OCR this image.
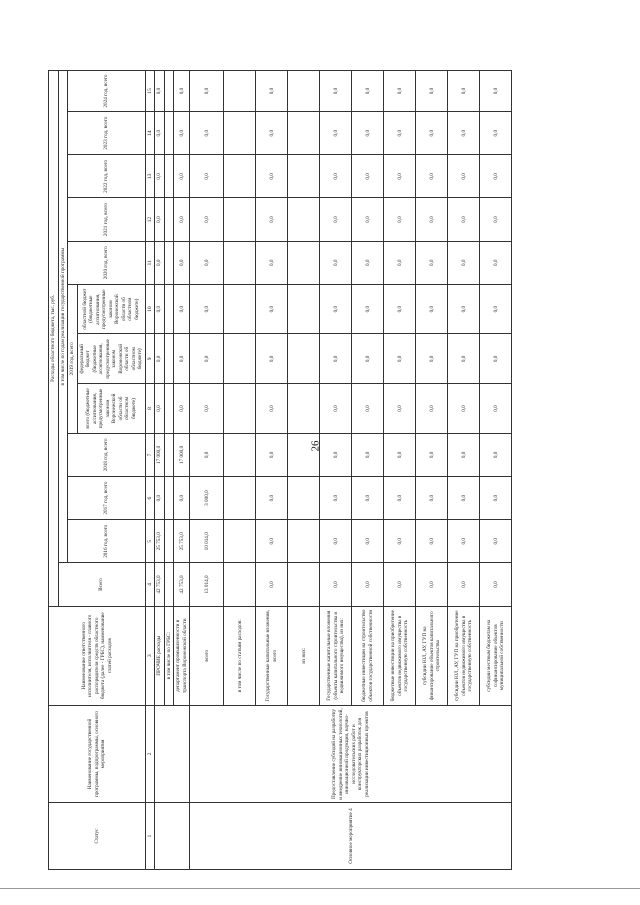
26
Статус	Наименование государственной программы, подпрограммы, основного мероприятия	Наименование ответственного исполнителя, исполнителя - главного распорядителя средств областного бюджета (далее - ГРБС), наименование статей расходов	Расходы областного бюджета, тыс. руб.											
			Всего	в том числе по годам реализации государственной программы										
				2016 год, всего	2017 год, всего	2018 год, всего	2019 год, всего			2020 год, всего	2021 год, всего	2022 год, всего	2023 год, всего	2024 год, всего
							всего (бюджетные ассигнования, предусмотренные законом Воронежской области об областном бюджете)	федеральный бюджет (бюджетные ассигнования, предусмотренные законом Воронежской области об областном бюджете)	областной бюджет (бюджетные ассигнования, предусмотренные законом Воронежской области об областном бюджете)					
1	2	3	4	5	6	7	8	9	10	11	12	13	14	15
		ПРОЧИЕ расходы	42 753,0	25 753,0	0,0	17 000,0	0,0	0,0	0,0	0,0	0,0	0,0	0,0	0,0
		в том числе по ГРБС:												
		департамент промышленности и транспорта Воронежской области	42 753,0	25 753,0	0,0	17 000,0	0,0	0,0	0,0	0,0	0,0	0,0	0,0	0,0
Основное мероприятие 4	Предоставление субсидий на разработку и внедрение инновационных технологий, инновационной продукции, научно-исследовательских работ и конструкторских разработок для реализации инвестиционных проектов	всего	13 014,0	10 014,0	3 000,0	0,0	0,0	0,0	0,0	0,0	0,0	0,0	0,0	0,0
		в том числе по статьям расходов:												
		Государственные капитальные вложения, всего	0,0	0,0	0,0	0,0	0,0	0,0	0,0	0,0	0,0	0,0	0,0	0,0
		из них:												
		Государственные капитальные вложения (объекты капитального строительства и недвижимого имущества), из них:	0,0	0,0	0,0	0,0	0,0	0,0	0,0	0,0	0,0	0,0	0,0	0,0
		бюджетные инвестиции на строительство объектов государственной собственности	0,0	0,0	0,0	0,0	0,0	0,0	0,0	0,0	0,0	0,0	0,0	0,0
		бюджетные инвестиции на приобретение объектов недвижимого имущества в государственную собственность	0,0	0,0	0,0	0,0	0,0	0,0	0,0	0,0	0,0	0,0	0,0	0,0
		субсидии ЮЛ, АУ, ГУП на финансирование объектов капитального строительства	0,0	0,0	0,0	0,0	0,0	0,0	0,0	0,0	0,0	0,0	0,0	0,0
		субсидии ЮЛ, АУ, ГУП на приобретение объектов недвижимого имущества в государственную собственность	0,0	0,0	0,0	0,0	0,0	0,0	0,0	0,0	0,0	0,0	0,0	0,0
		субсидии местным бюджетам на софинансирование объектов муниципальной собственности	0,0	0,0	0,0	0,0	0,0	0,0	0,0	0,0	0,0	0,0	0,0	0,0
